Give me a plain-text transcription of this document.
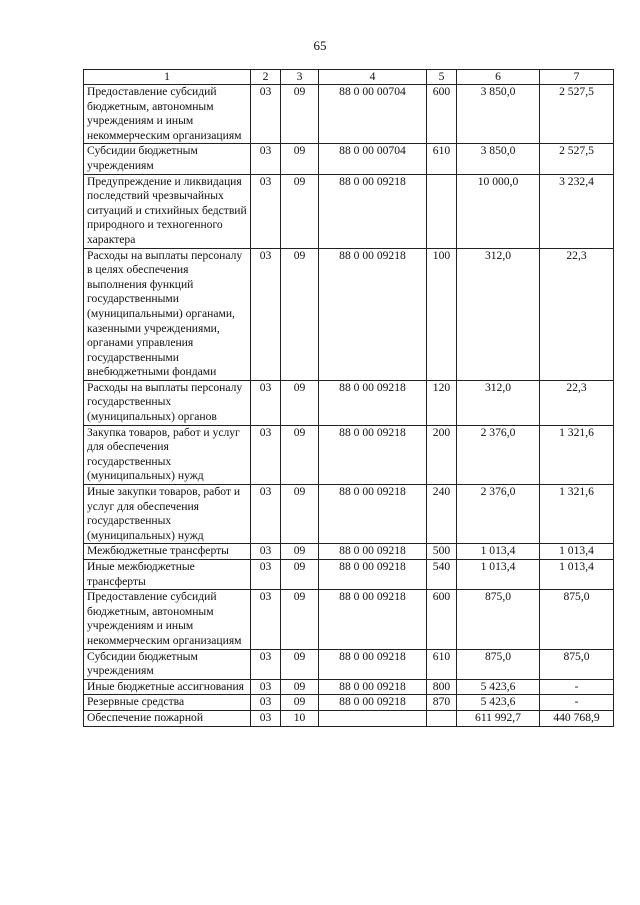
65
1	2	3	4	5	6	7
Предоставление субсидий бюджетным, автономным учреждениям и иным некоммерческим организациям	03	09	88 0 00 00704	600	3 850,0	2 527,5
Субсидии бюджетным учреждениям	03	09	88 0 00 00704	610	3 850,0	2 527,5
Предупреждение и ликвидация последствий чрезвычайных ситуаций и стихийных бедствий природного и техногенного характера	03	09	88 0 00 09218		10 000,0	3 232,4
Расходы на выплаты персоналу в целях обеспечения выполнения функций государственными (муниципальными) органами, казенными учреждениями, органами управления государственными внебюджетными фондами	03	09	88 0 00 09218	100	312,0	22,3
Расходы на выплаты персоналу государственных (муниципальных) органов	03	09	88 0 00 09218	120	312,0	22,3
Закупка товаров, работ и услуг для обеспечения государственных (муниципальных) нужд	03	09	88 0 00 09218	200	2 376,0	1 321,6
Иные закупки товаров, работ и услуг для обеспечения государственных (муниципальных) нужд	03	09	88 0 00 09218	240	2 376,0	1 321,6
Межбюджетные трансферты	03	09	88 0 00 09218	500	1 013,4	1 013,4
Иные межбюджетные трансферты	03	09	88 0 00 09218	540	1 013,4	1 013,4
Предоставление субсидий бюджетным, автономным учреждениям и иным некоммерческим организациям	03	09	88 0 00 09218	600	875,0	875,0
Субсидии бюджетным учреждениям	03	09	88 0 00 09218	610	875,0	875,0
Иные бюджетные ассигнования	03	09	88 0 00 09218	800	5 423,6	-
Резервные средства	03	09	88 0 00 09218	870	5 423,6	-
Обеспечение пожарной	03	10			611 992,7	440 768,9
